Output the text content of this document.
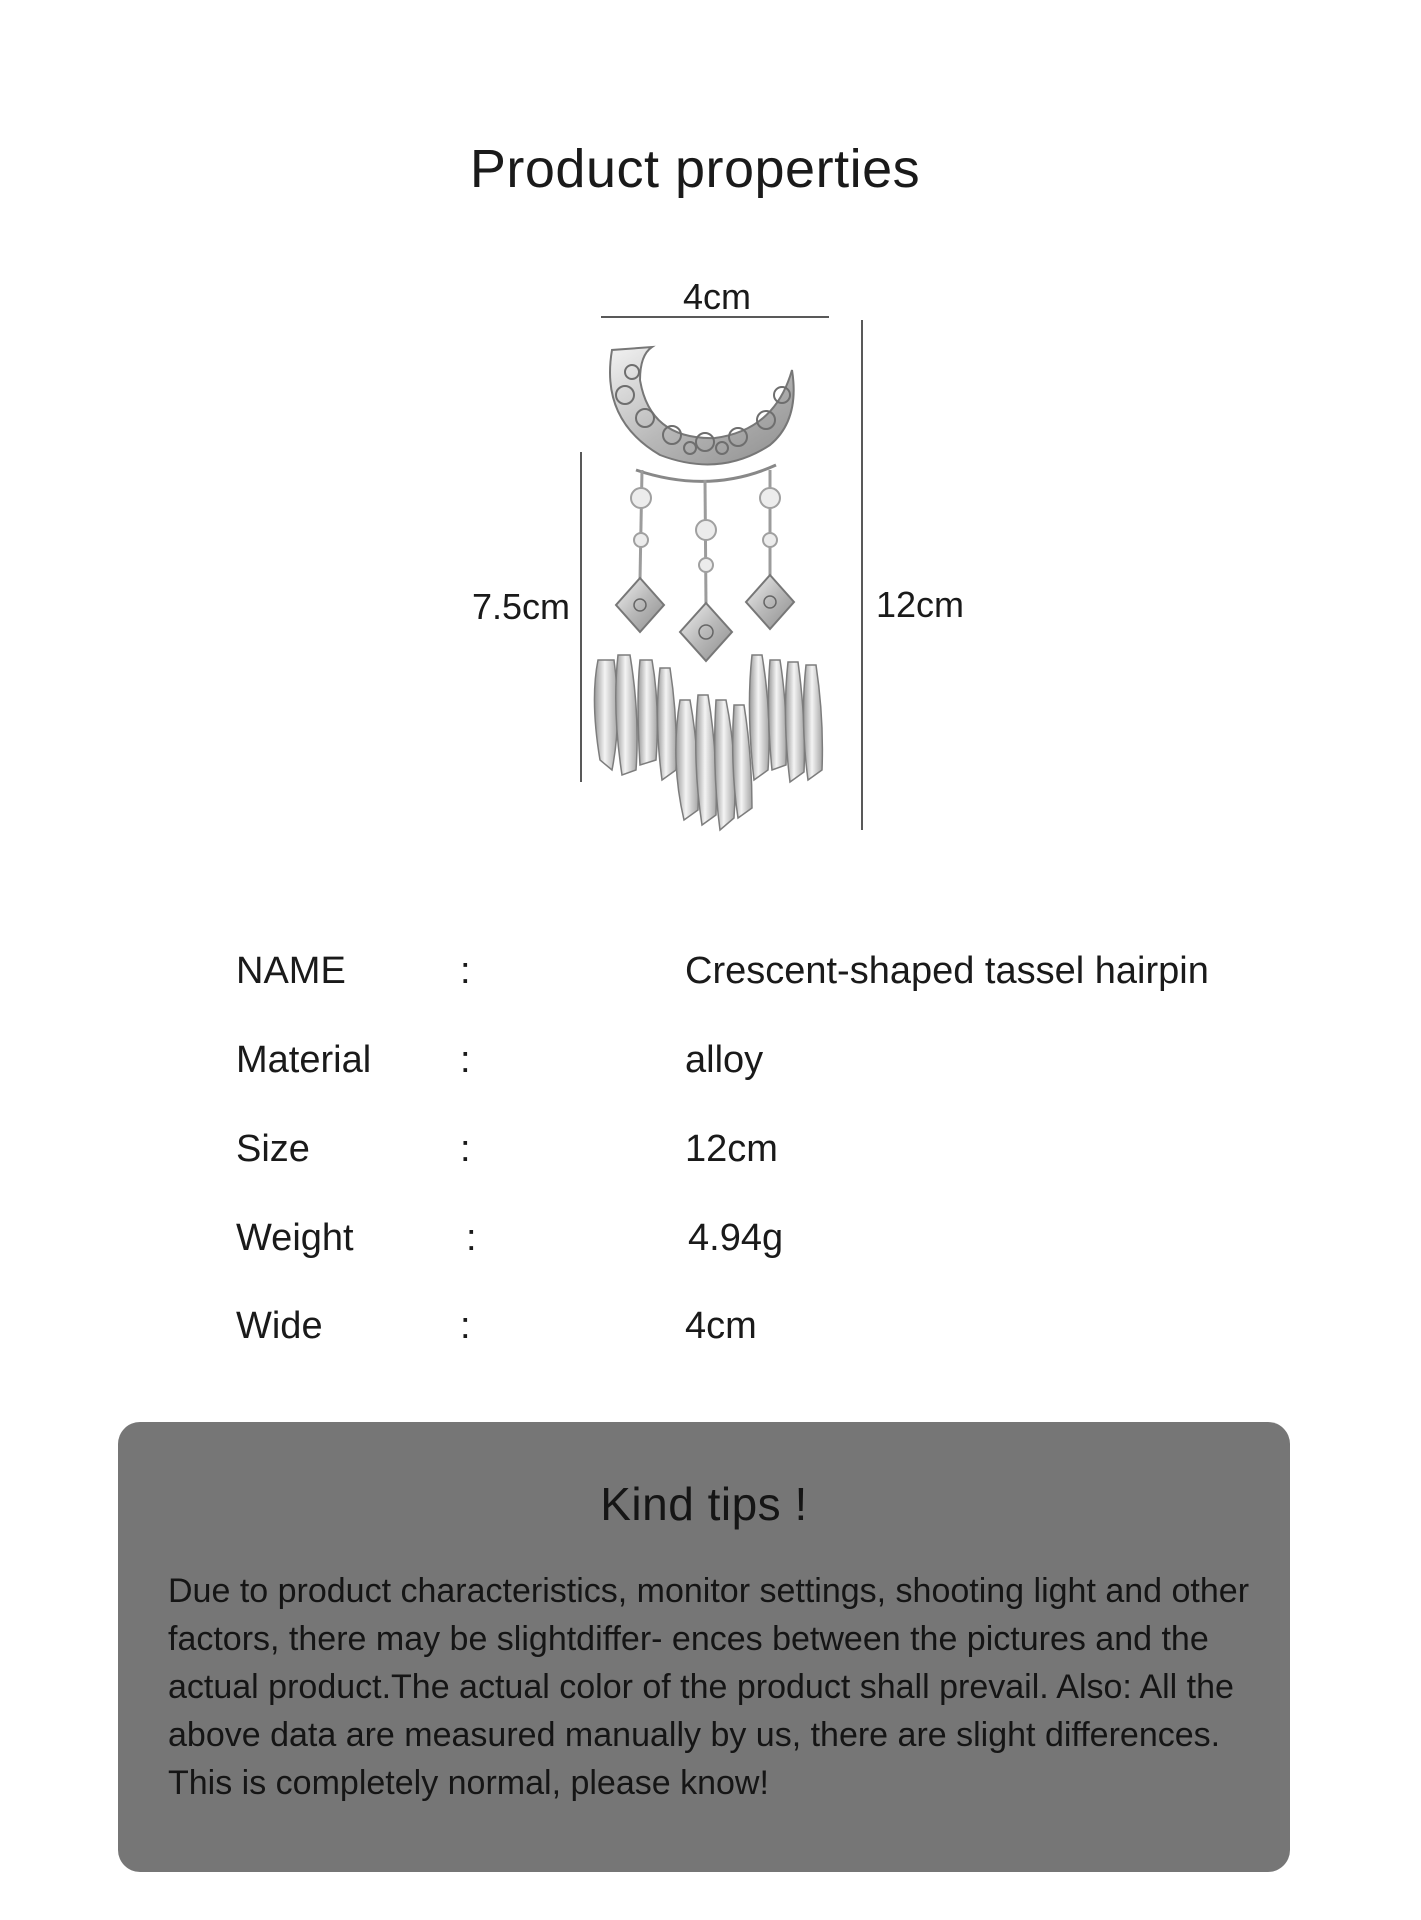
Product properties
4cm
7.5cm	12cm
NAME	:	Crescent-shaped tassel hairpin
Material :	alloy
Size	:	12cm
Weight	:	4.94g
Wide	:	4cm
Kind tips !
Due to product characteristics, monitor settings, shooting light and other factors, there may be slightdiffer- ences between the pictures and the actual product.The actual color of the product shall prevail. Also: All the above data are measured manually by us, there are slight differences. This is completely normal, please know!
